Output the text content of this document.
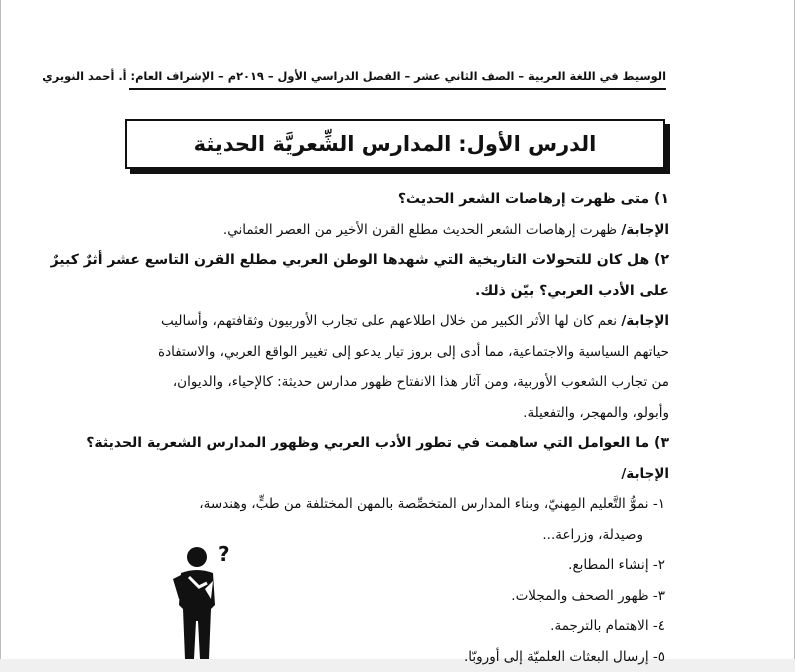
الوسيط في اللغة العربية – الصف الثاني عشر – الفصل الدراسي الأول – ٢٠١٩م – الإشراف العام: أ. أحمد النويري
الدرس الأول: المدارس الشِّعريَّة الحديثة
١) متى ظهرت إرهاصات الشعر الحديث؟
الإجابة/ ظهرت إرهاصات الشعر الحديث مطلع القرن الأخير من العصر العثماني.
٢) هل كان للتحولات التاريخية التي شهدها الوطن العربي مطلع القرن التاسع عشر أثرٌ كبيرٌ
على الأدب العربي؟ بيّن ذلك.
الإجابة/ نعم كان لها الأثر الكبير من خلال اطلاعهم على تجارب الأوربيون وثقافتهم، وأساليب
حياتهم السياسية والاجتماعية، مما أدى إلى بروز تيار يدعو إلى تغيير الواقع العربي، والاستفادة
من تجارب الشعوب الأوربية، ومن آثار هذا الانفتاح ظهور مدارس حديثة: كالإحياء، والديوان،
وأبولو، والمهجر، والتفعيلة.
٣) ما العوامل التي ساهمت في تطور الأدب العربي وظهور المدارس الشعرية الحديثة؟
الإجابة/
١- نموُّ التَّعليم المِهنيّ، وبناء المدارس المتخصِّصة بالمهن المختلفة من طبٍّ، وهندسة،
وصيدلة، وزراعة...
٢- إنشاء المطابع.
٣- ظهور الصحف والمجلات.
٤- الاهتمام بالترجمة.
٥- إرسال البعثات العلميّة إلى أوروبّا.
?
